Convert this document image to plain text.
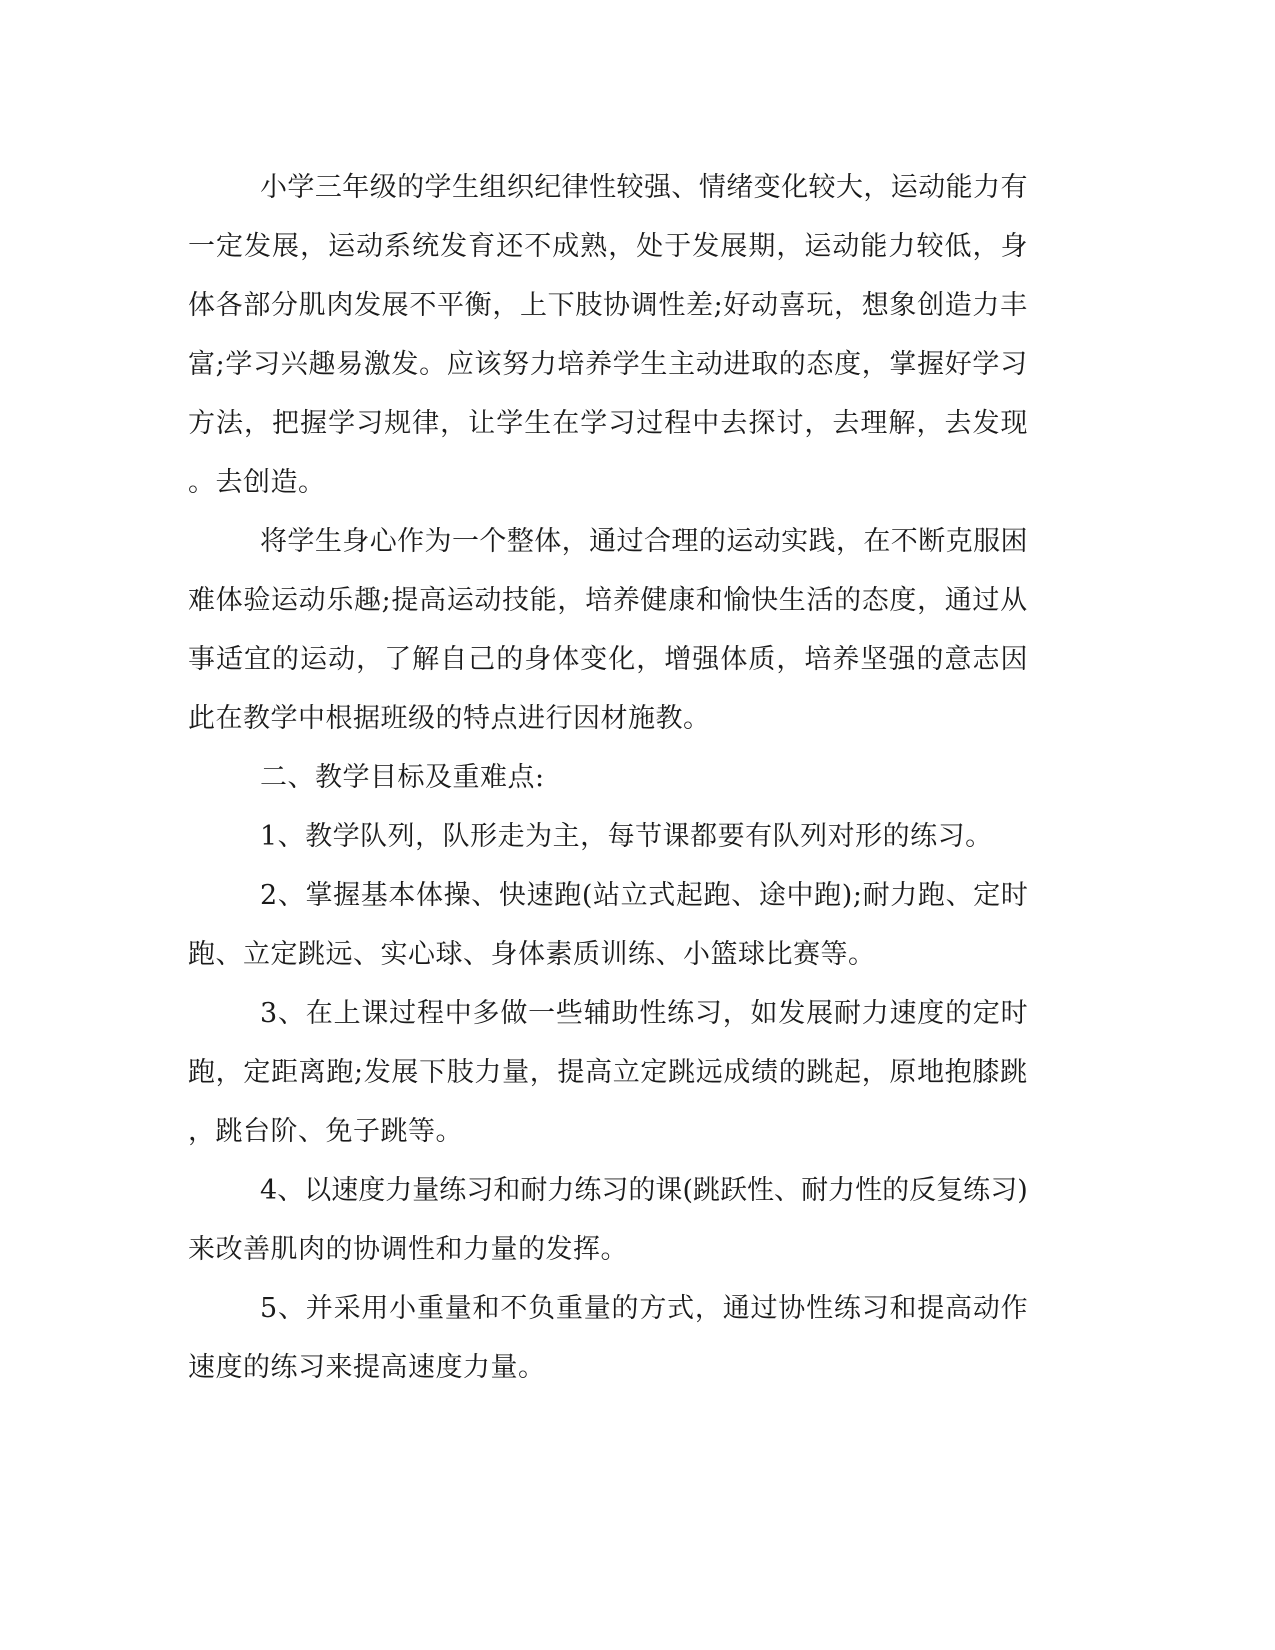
小学三年级的学生组织纪律性较强、情绪变化较大，运动能力有
一定发展，运动系统发育还不成熟，处于发展期，运动能力较低，身
体各部分肌肉发展不平衡，上下肢协调性差;好动喜玩，想象创造力丰
富;学习兴趣易激发。应该努力培养学生主动进取的态度，掌握好学习
方法，把握学习规律，让学生在学习过程中去探讨，去理解，去发现
。去创造。
将学生身心作为一个整体，通过合理的运动实践，在不断克服困
难体验运动乐趣;提高运动技能，培养健康和愉快生活的态度，通过从
事适宜的运动，了解自己的身体变化，增强体质，培养坚强的意志因
此在教学中根据班级的特点进行因材施教。
二、教学目标及重难点:
1、教学队列，队形走为主，每节课都要有队列对形的练习。
2、掌握基本体操、快速跑(站立式起跑、途中跑);耐力跑、定时
跑、立定跳远、实心球、身体素质训练、小篮球比赛等。
3、在上课过程中多做一些辅助性练习，如发展耐力速度的定时
跑，定距离跑;发展下肢力量，提高立定跳远成绩的跳起，原地抱膝跳
，跳台阶、免子跳等。
4、以速度力量练习和耐力练习的课(跳跃性、耐力性的反复练习)
来改善肌肉的协调性和力量的发挥。
5、并采用小重量和不负重量的方式，通过协性练习和提高动作
速度的练习来提高速度力量。
